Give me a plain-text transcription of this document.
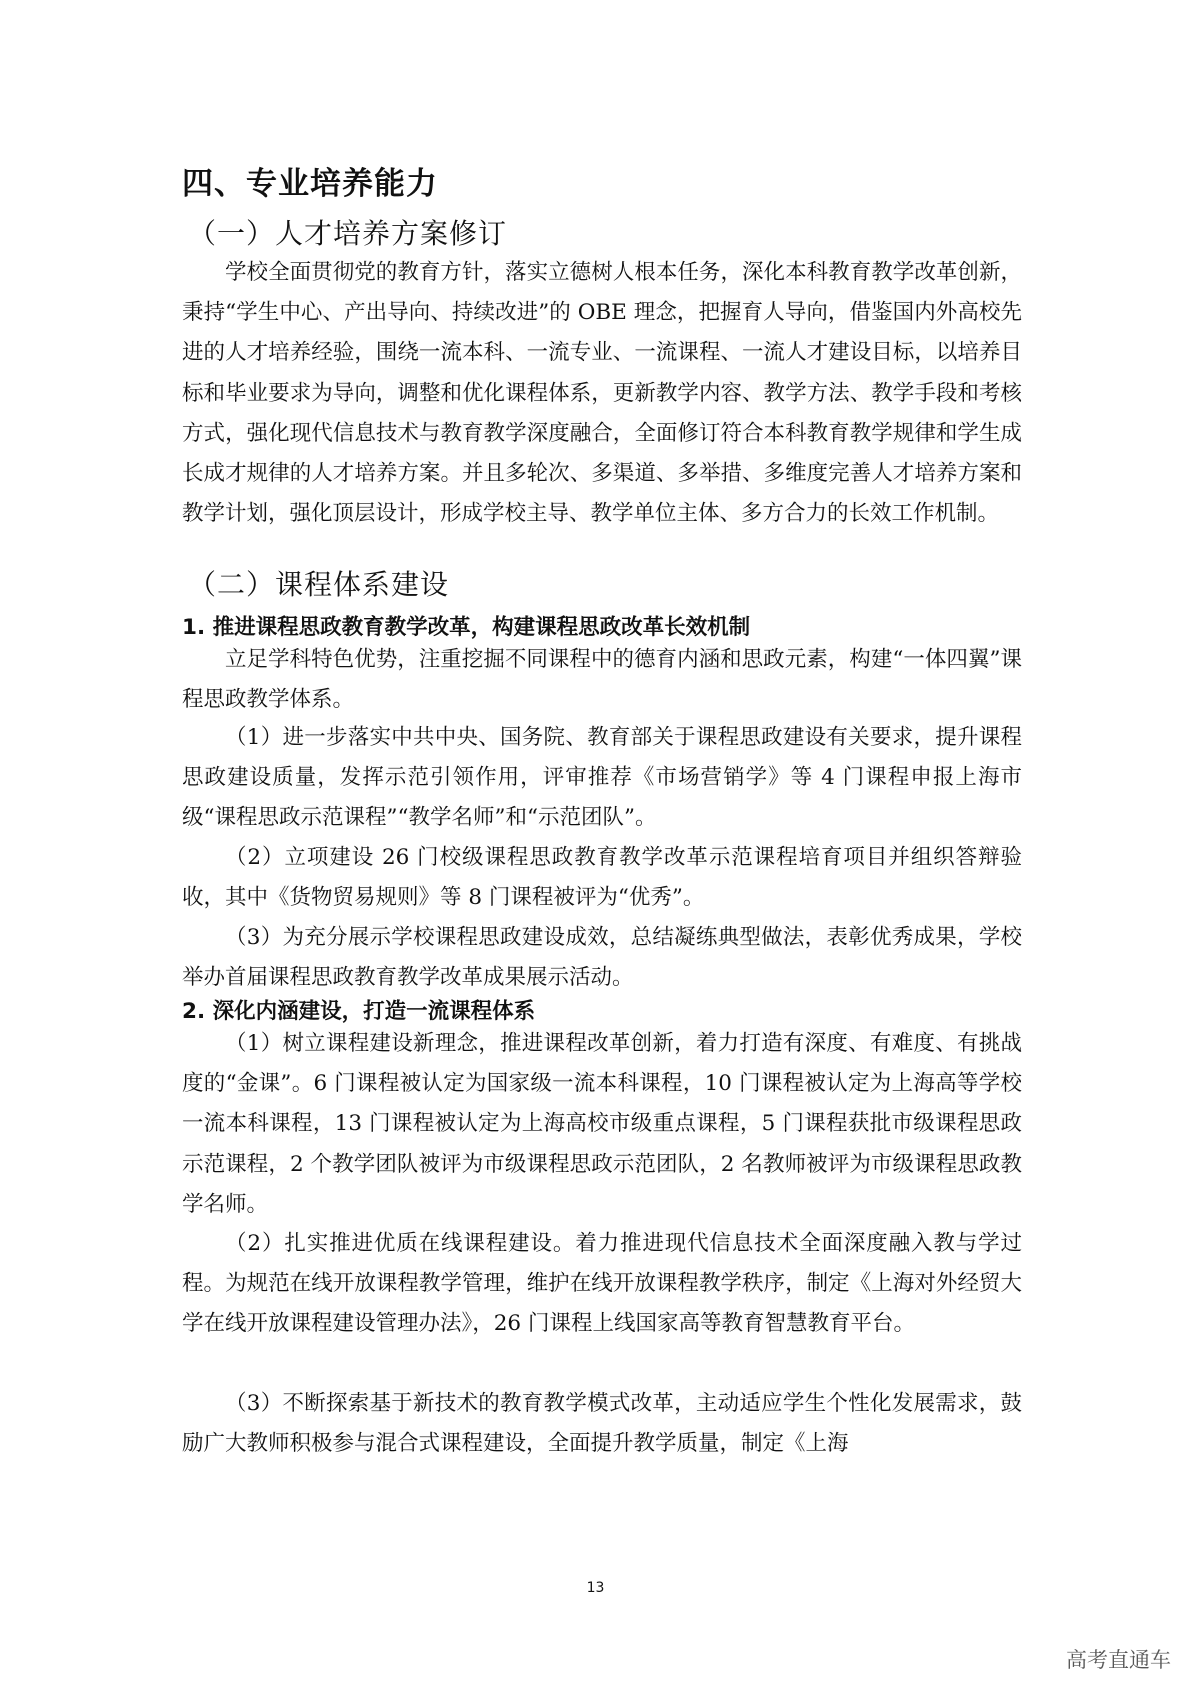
四、专业培养能力
（一）人才培养方案修订

学校全面贯彻党的教育方针，落实立德树人根本任务，深化本科教育教学改革创新，秉持“学生中心、产出导向、持续改进”的 OBE 理念，把握育人导向，借鉴国内外高校先进的人才培养经验，围绕一流本科、一流专业、一流课程、一流人才建设目标，以培养目标和毕业要求为导向，调整和优化课程体系，更新教学内容、教学方法、教学手段和考核方式，强化现代信息技术与教育教学深度融合，全面修订符合本科教育教学规律和学生成长成才规律的人才培养方案。并且多轮次、多渠道、多举措、多维度完善人才培养方案和教学计划，强化顶层设计，形成学校主导、教学单位主体、多方合力的长效工作机制。

（二）课程体系建设
1. 推进课程思政教育教学改革，构建课程思政改革长效机制

立足学科特色优势，注重挖掘不同课程中的德育内涵和思政元素，构建“一体四翼”课程思政教学体系。

（1）进一步落实中共中央、国务院、教育部关于课程思政建设有关要求，提升课程思政建设质量，发挥示范引领作用，评审推荐《市场营销学》等 4 门课程申报上海市级“课程思政示范课程”“教学名师”和“示范团队”。

（2）立项建设 26 门校级课程思政教育教学改革示范课程培育项目并组织答辩验收，其中《货物贸易规则》等 8 门课程被评为“优秀”。

（3）为充分展示学校课程思政建设成效，总结凝练典型做法，表彰优秀成果，学校举办首届课程思政教育教学改革成果展示活动。

2. 深化内涵建设，打造一流课程体系

（1）树立课程建设新理念，推进课程改革创新，着力打造有深度、有难度、有挑战度的“金课”。6 门课程被认定为国家级一流本科课程，10 门课程被认定为上海高等学校一流本科课程，13 门课程被认定为上海高校市级重点课程，5 门课程获批市级课程思政示范课程，2 个教学团队被评为市级课程思政示范团队，2 名教师被评为市级课程思政教学名师。

（2）扎实推进优质在线课程建设。着力推进现代信息技术全面深度融入教与学过程。为规范在线开放课程教学管理，维护在线开放课程教学秩序，制定《上海对外经贸大学在线开放课程建设管理办法》，26 门课程上线国家高等教育智慧教育平台。

（3）不断探索基于新技术的教育教学模式改革，主动适应学生个性化发展需求，鼓励广大教师积极参与混合式课程建设，全面提升教学质量，制定《上海

13
高考直通车
